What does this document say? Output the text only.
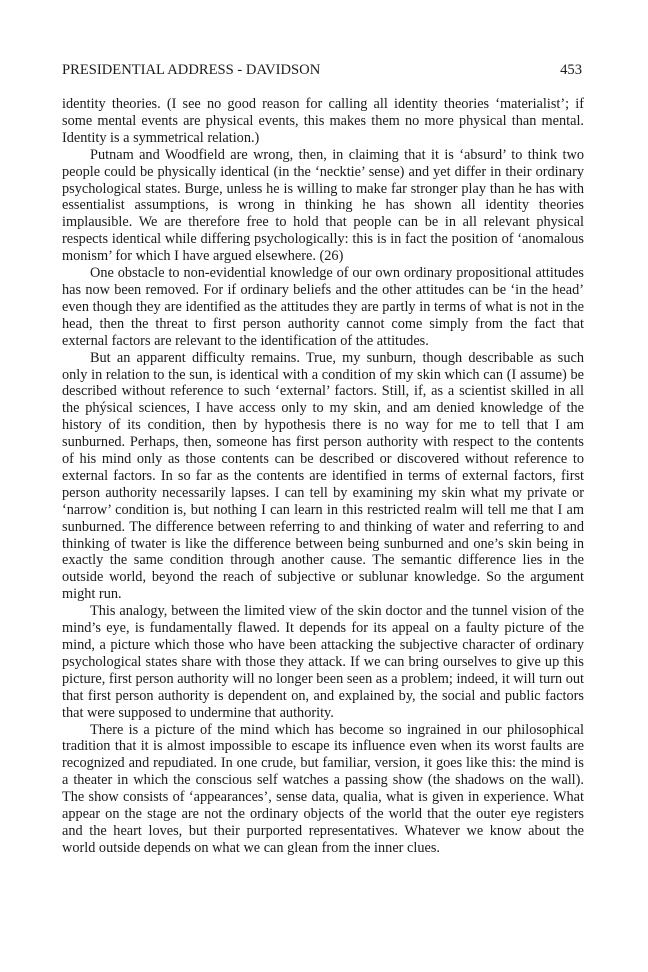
PRESIDENTIAL ADDRESS - DAVIDSON	453

identity theories. (I see no good reason for calling all identity theories ‘materialist’; if some mental events are physical events, this makes them no more physical than mental. Identity is a symmetrical relation.)

Putnam and Woodfield are wrong, then, in claiming that it is ‘absurd’ to think two people could be physically identical (in the ‘necktie’ sense) and yet differ in their ordinary psychological states. Burge, unless he is willing to make far stronger play than he has with essentialist assumptions, is wrong in thinking he has shown all identity theories implausible. We are therefore free to hold that people can be in all relevant physical respects identical while differing psychologically: this is in fact the position of ‘anomalous monism’ for which I have argued elsewhere. (26)

One obstacle to non-evidential knowledge of our own ordinary propositional attitudes has now been removed. For if ordinary beliefs and the other attitudes can be ‘in the head’ even though they are identified as the attitudes they are partly in terms of what is not in the head, then the threat to first person authority cannot come simply from the fact that external factors are relevant to the identification of the attitudes.

But an apparent difficulty remains. True, my sunburn, though describable as such only in relation to the sun, is identical with a condition of my skin which can (I assume) be described without reference to such ‘external’ factors. Still, if, as a scientist skilled in all the phýsical sciences, I have access only to my skin, and am denied knowledge of the history of its condition, then by hypothesis there is no way for me to tell that I am sunburned. Perhaps, then, someone has first person authority with respect to the contents of his mind only as those contents can be described or discovered without reference to external factors. In so far as the contents are identified in terms of external factors, first person authority necessarily lapses. I can tell by examining my skin what my private or ‘narrow’ condition is, but nothing I can learn in this restricted realm will tell me that I am sunburned. The difference between referring to and thinking of water and referring to and thinking of twater is like the difference between being sunburned and one’s skin being in exactly the same condition through another cause. The semantic difference lies in the outside world, beyond the reach of subjective or sublunar knowledge. So the argument might run.

This analogy, between the limited view of the skin doctor and the tunnel vision of the mind’s eye, is fundamentally flawed. It depends for its appeal on a faulty picture of the mind, a picture which those who have been attacking the subjective character of ordinary psychological states share with those they attack. If we can bring ourselves to give up this picture, first person authority will no longer been seen as a problem; indeed, it will turn out that first person authority is dependent on, and explained by, the social and public factors that were supposed to undermine that authority.

There is a picture of the mind which has become so ingrained in our philosophical tradition that it is almost impossible to escape its influence even when its worst faults are recognized and repudiated. In one crude, but familiar, version, it goes like this: the mind is a theater in which the conscious self watches a passing show (the shadows on the wall). The show consists of ‘appearances’, sense data, qualia, what is given in experience. What appear on the stage are not the ordinary objects of the world that the outer eye registers and the heart loves, but their purported representatives. Whatever we know about the world outside depends on what we can glean from the inner clues.
